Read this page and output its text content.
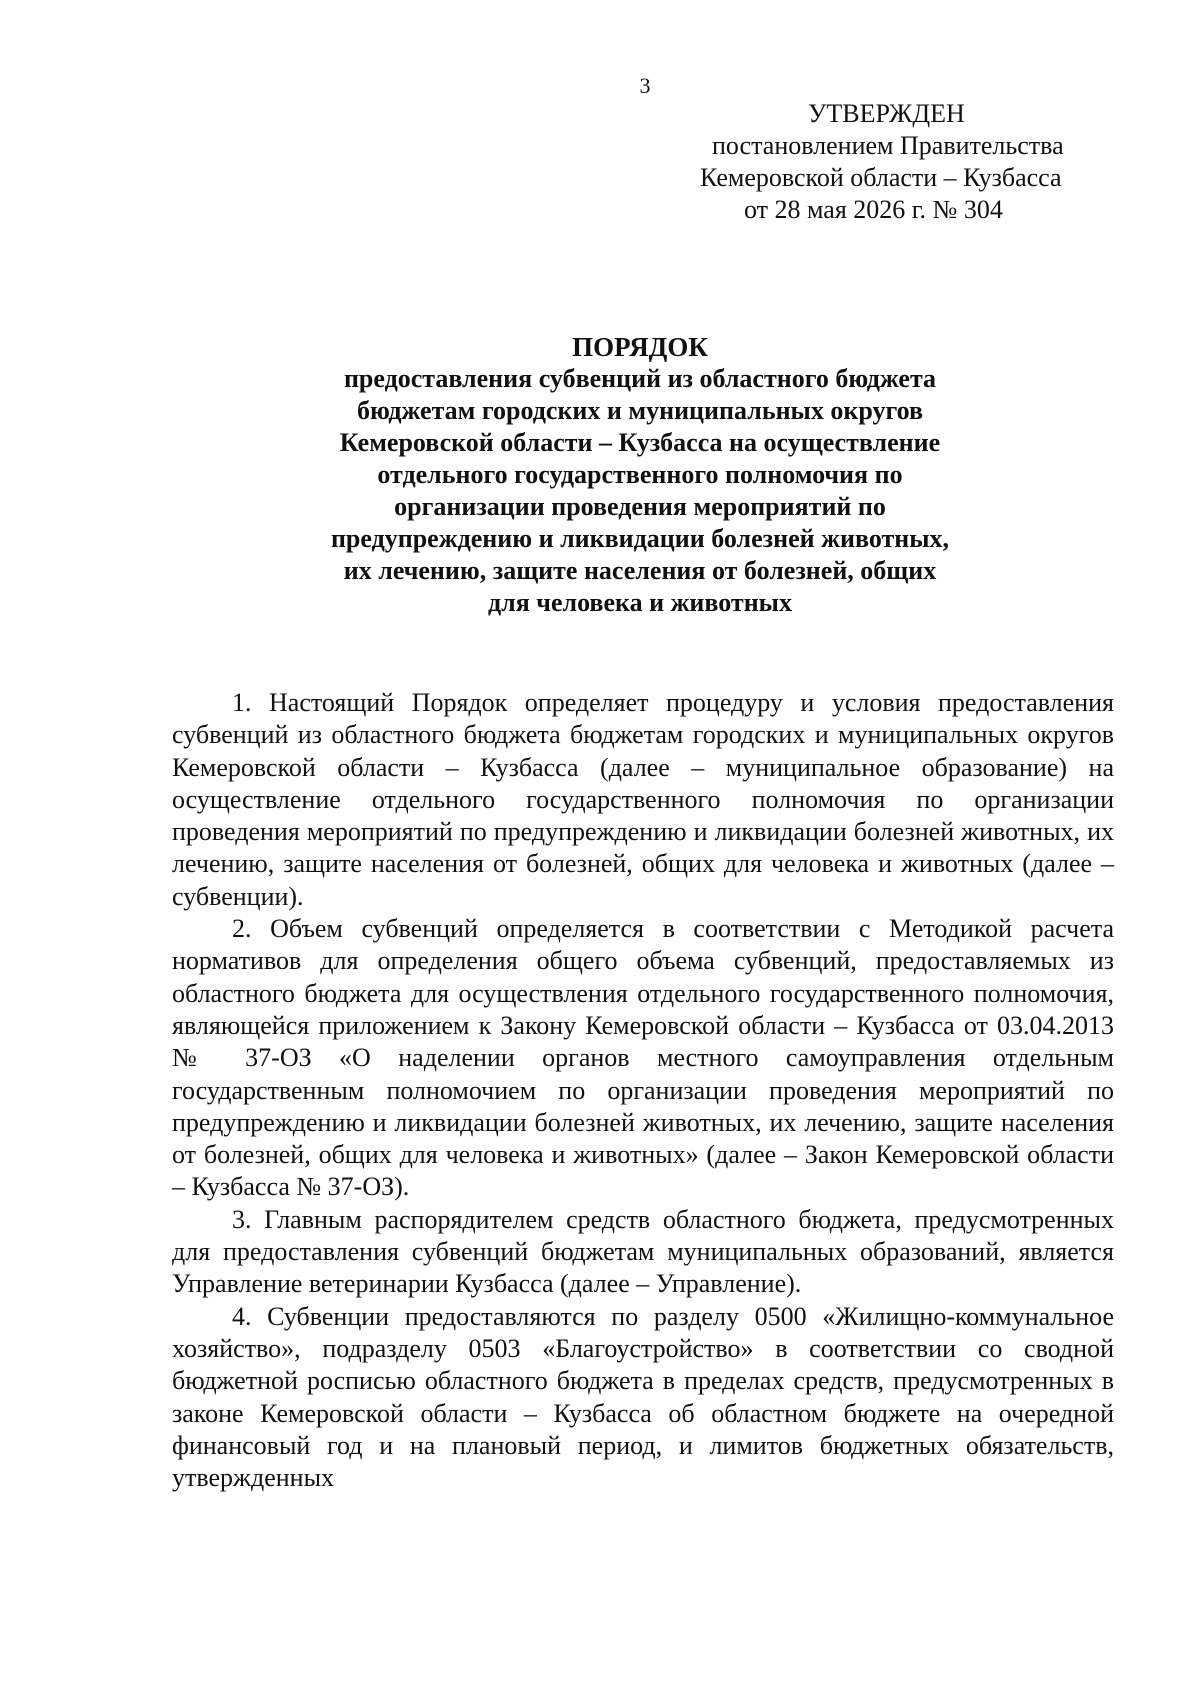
3
УТВЕРЖДЕН
постановлением Правительства
Кемеровской области – Кузбасса
от 28 мая 2026 г. № 304
ПОРЯДОК
предоставления субвенций из областного бюджета
бюджетам городских и муниципальных округов
Кемеровской области – Кузбасса на осуществление
отдельного государственного полномочия по
организации проведения мероприятий по
предупреждению и ликвидации болезней животных,
их лечению, защите населения от болезней, общих
для человека и животных

1. Настоящий Порядок определяет процедуру и условия предоставления субвенций из областного бюджета бюджетам городских и муниципальных округов Кемеровской области – Кузбасса (далее – муниципальное образование) на осуществление отдельного государственного полномочия по организации проведения мероприятий по предупреждению и ликвидации болезней животных, их лечению, защите населения от болезней, общих для человека и животных (далее – субвенции).

2. Объем субвенций определяется в соответствии с Методикой расчета нормативов для определения общего объема субвенций, предоставляемых из областного бюджета для осуществления отдельного государственного полномочия, являющейся приложением к Закону Кемеровской области – Кузбасса от 03.04.2013 № 37-ОЗ «О наделении органов местного самоуправления отдельным государственным полномочием по организации проведения мероприятий по предупреждению и ликвидации болезней животных, их лечению, защите населения от болезней, общих для человека и животных» (далее – Закон Кемеровской области – Кузбасса № 37-ОЗ).

3. Главным распорядителем средств областного бюджета, предусмотренных для предоставления субвенций бюджетам муниципальных образований, является Управление ветеринарии Кузбасса (далее – Управление).

4. Субвенции предоставляются по разделу 0500 «Жилищно-коммунальное хозяйство», подразделу 0503 «Благоустройство» в соответствии со сводной бюджетной росписью областного бюджета в пределах средств, предусмотренных в законе Кемеровской области – Кузбасса об областном бюджете на очередной финансовый год и на плановый период, и лимитов бюджетных обязательств, утвержденных
